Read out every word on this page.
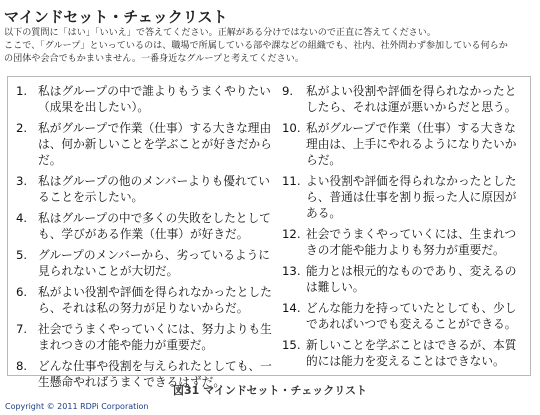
マインドセット・チェックリスト

以下の質問に「はい」「いいえ」で答えてください。正解がある分けではないので正直に答えてください。

ここで、「グループ」といっているのは、職場で所属している部や課などの組織でも、社内、社外問わず参加している何らか

の団体や会合でもかまいません。一番身近なグループと考えてください。

1. 私はグループの中で誰よりもうまくやりたい（成果を出したい）。
2. 私がグループで作業（仕事）する大きな理由は、何か新しいことを学ぶことが好きだからだ。
3. 私はグループの他のメンバーよりも優れていることを示したい。
4. 私はグループの中で多くの失敗をしたとしても、学びがある作業（仕事）が好きだ。
5. グループのメンバーから、劣っているように見られないことが大切だ。
6. 私がよい役割や評価を得られなかったとしたら、それは私の努力が足りないからだ。
7. 社会でうまくやっていくには、努力よりも生まれつきの才能や能力が重要だ。
8. どんな仕事や役割を与えられたとしても、一生懸命やればうまくできるはずだ。
9.	私がよい役割や評価を得られなかったとしたら、それは運が悪いからだと思う。
10. 私がグループで作業（仕事）する大きな理由は、上手にやれるようになりたいからだ。
11. よい役割や評価を得られなかったとしたら、普通は仕事を割り振った人に原因がある。
12. 社会でうまくやっていくには、生まれつきの才能や能力よりも努力が重要だ。
13. 能力とは根元的なものであり、変えるのは難しい。
14. どんな能力を持っていたとしても、少しであればいつでも変えることができる。
15. 新しいことを学ぶことはできるが、本質的には能力を変えることはできない。
図31 マインドセット・チェックリスト
Copyright © 2011 RDPi Corporation
